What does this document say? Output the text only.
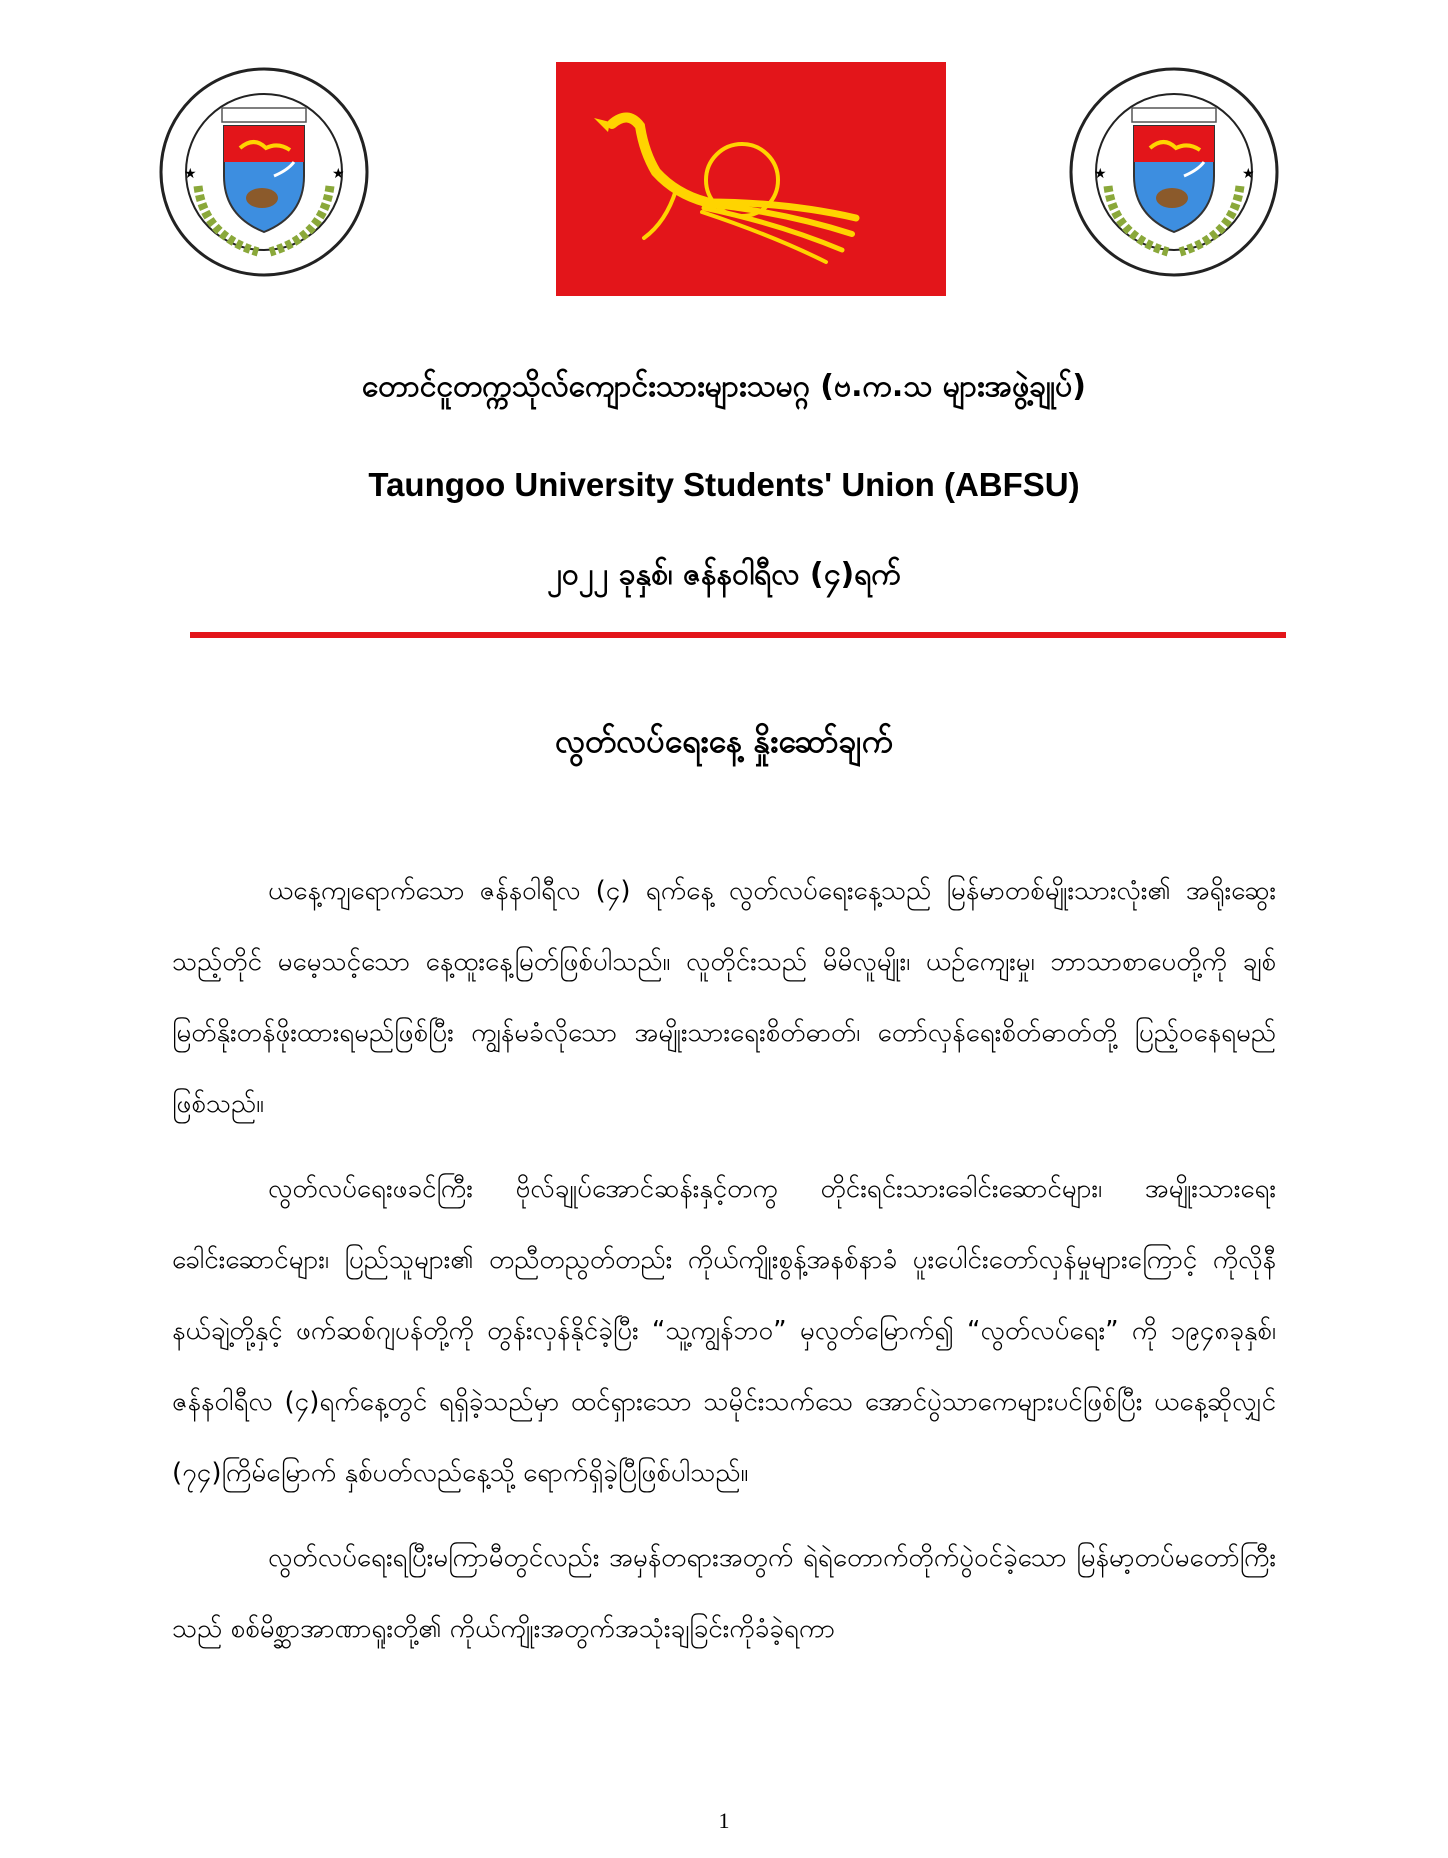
★	★	★	★
တောင်ငူတက္ကသိုလ်ကျောင်းသားများသမဂ္ဂ (ဗ.က.သ များအဖွဲ့ချုပ်)
Taungoo University Students' Union (ABFSU)
၂၀၂၂ ခုနှစ်၊ ဇန်နဝါရီလ (၄)ရက်
လွတ်လပ်ရေးနေ့ နှိုးဆော်ချက်

ယနေ့ကျရောက်သော ဇန်နဝါရီလ (၄) ရက်နေ့ လွတ်လပ်ရေးနေ့သည် မြန်မာတစ်မျိုးသားလုံး၏ အရိုးဆွေးသည့်တိုင် မမေ့သင့်သော နေ့ထူးနေ့မြတ်ဖြစ်ပါသည်။ လူတိုင်းသည် မိမိလူမျိုး၊ ယဉ်ကျေးမှု၊ ဘာသာစာပေတို့ကို ချစ်မြတ်နိုးတန်ဖိုးထားရမည်ဖြစ်ပြီး ကျွန်မခံလိုသော အမျိုးသားရေးစိတ်ဓာတ်၊ တော်လှန်ရေးစိတ်ဓာတ်တို့ ပြည့်ဝနေရမည်ဖြစ်သည်။

လွတ်လပ်ရေးဖခင်ကြီး ဗိုလ်ချုပ်အောင်ဆန်းနှင့်တကွ တိုင်းရင်းသားခေါင်းဆောင်များ၊ အမျိုးသားရေးခေါင်းဆောင်များ၊ ပြည်သူများ၏ တညီတညွတ်တည်း ကိုယ်ကျိုးစွန့်အနစ်နာခံ ပူးပေါင်းတော်လှန်မှုများကြောင့် ကိုလိုနီနယ်ချဲ့တို့နှင့် ဖက်ဆစ်ဂျပန်တို့ကို တွန်းလှန်နိုင်ခဲ့ပြီး “သူ့ကျွန်ဘဝ” မှလွတ်မြောက်၍ “လွတ်လပ်ရေး” ကို ၁၉၄၈ခုနှစ်၊ ဇန်နဝါရီလ (၄)ရက်နေ့တွင် ရရှိခဲ့သည်မှာ ထင်ရှားသော သမိုင်းသက်သေ အောင်ပွဲသာကေများပင်ဖြစ်ပြီး ယနေ့ဆိုလျှင် (၇၄)ကြိမ်မြောက် နှစ်ပတ်လည်နေ့သို့ ရောက်ရှိခဲ့ပြီဖြစ်ပါသည်။

လွတ်လပ်ရေးရပြီးမကြာမီတွင်လည်း အမှန်တရားအတွက် ရဲရဲတောက်တိုက်ပွဲဝင်ခဲ့သော မြန်မာ့တပ်မတော်ကြီးသည် စစ်မိစ္ဆာအာဏာရူးတို့၏ ကိုယ်ကျိုးအတွက်အသုံးချခြင်းကိုခံခဲ့ရကာ

1
